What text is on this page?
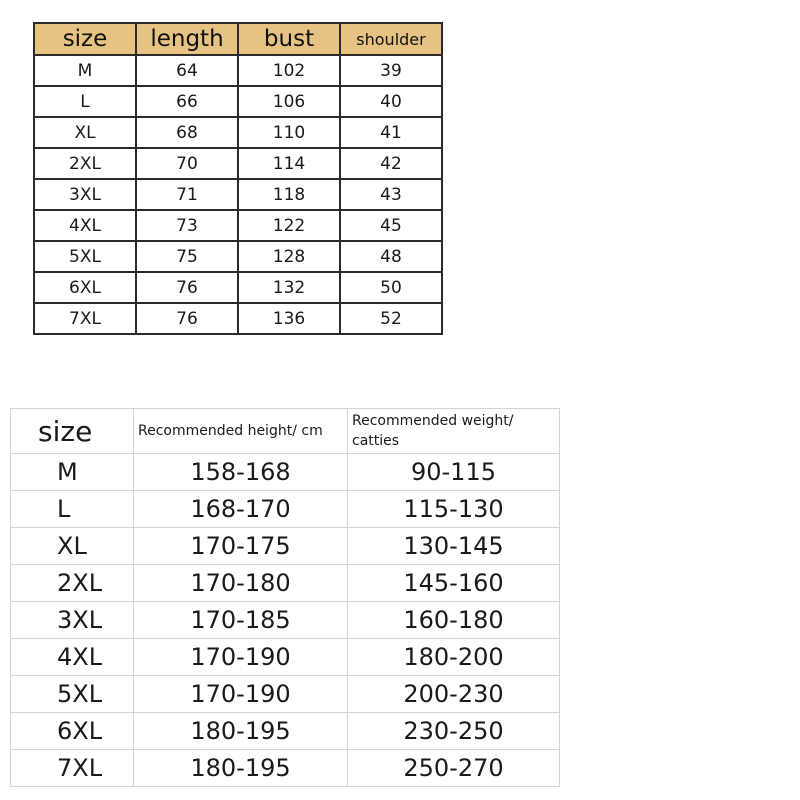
size	length	bust	shoulder
M	64	102	39
L	66	106	40
XL	68	110	41
2XL	70	114	42
3XL	71	118	43
4XL	73	122	45
5XL	75	128	48
6XL	76	132	50
7XL	76	136	52
size	Recommended height/ cm	Recommended weight/ catties
M	158-168	90-115
L	168-170	115-130
XL	170-175	130-145
2XL	170-180	145-160
3XL	170-185	160-180
4XL	170-190	180-200
5XL	170-190	200-230
6XL	180-195	230-250
7XL	180-195	250-270
